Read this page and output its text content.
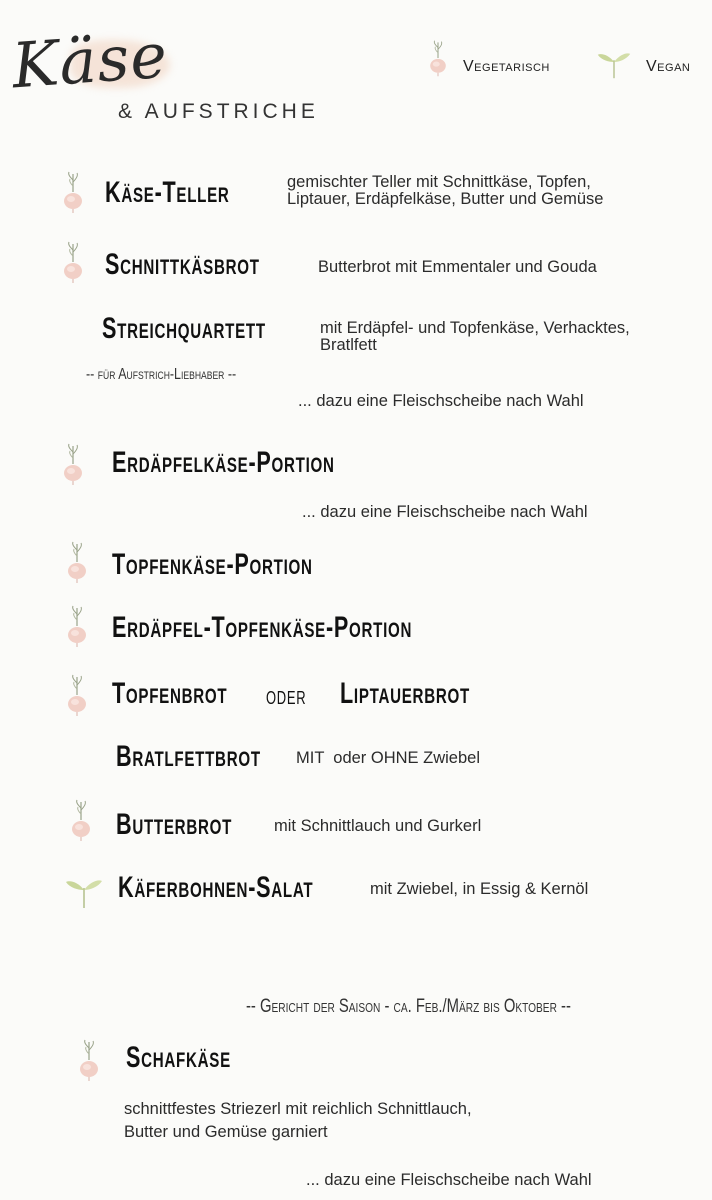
Käse
& AUFSTRICHE
Vegetarisch	Vegan
Käse-Teller	gemischter Teller mit Schnittkäse, Topfen,
Liptauer, Erdäpfelkäse, Butter und Gemüse
Schnittkäsbrot	Butterbrot mit Emmentaler und Gouda
Streichquartett
-- für Aufstrich-Liebhaber --
mit Erdäpfel- und Topfenkäse, Verhacktes,
Bratlfett
... dazu eine Fleischscheibe nach Wahl
Erdäpfelkäse-Portion
... dazu eine Fleischscheibe nach Wahl
Topfenkäse-Portion
Erdäpfel-Topfenkäse-Portion
Topfenbrot oder Liptauerbrot
Bratlfettbrot MIT  oder OHNE Zwiebel
Butterbrot	mit Schnittlauch und Gurkerl
Käferbohnen-Salat	mit Zwiebel, in Essig & Kernöl
-- Gericht der Saison - ca. Feb./März bis Oktober --
Schafkäse
schnittfestes Striezerl mit reichlich Schnittlauch,
Butter und Gemüse garniert
... dazu eine Fleischscheibe nach Wahl
